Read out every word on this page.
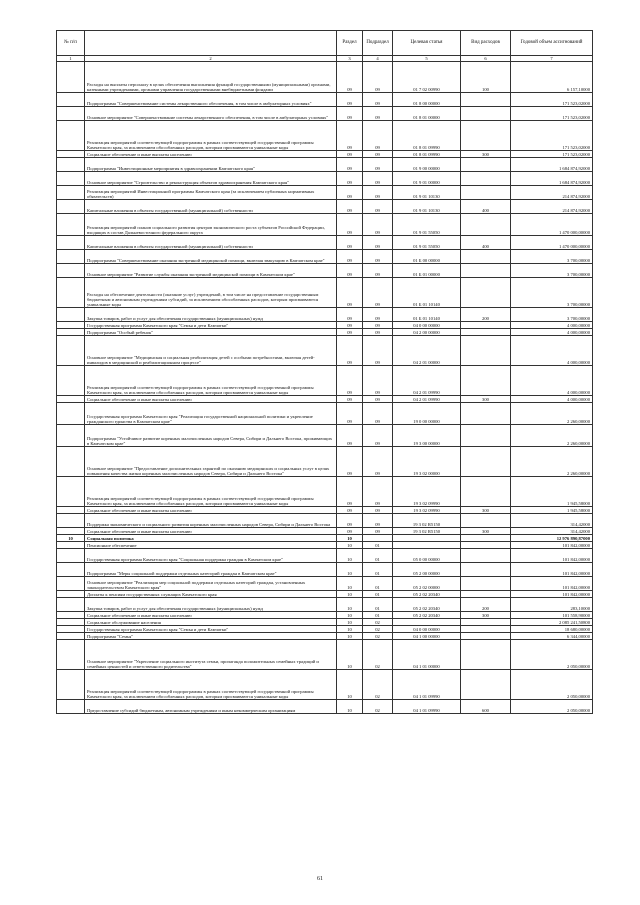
№ п/п		Раздел	Подраздел	Целевая статья	Вид расходов	Годовой объем ассигнований
1	2	3	4	5	6	7
	Расходы на выплаты персоналу в целях обеспечения выполнения функций государственными (муниципальными) органами, казенными учреждениями, органами управления государственными внебюджетными фондами	09	09	01 7 02 00990	100	6 157,10000
	Подпрограмма "Совершенствование системы лекарственного обеспечения, в том числе в амбулаторных условиях"	09	09	01 8 00 00000		171 523,02000
	Основное мероприятие "Совершенствование системы лекарственного обеспечения, в том числе в амбулаторных условиях"	09	09	01 8 01 00000		171 523,02000
	Реализация мероприятий соответствующей подпрограммы в рамках соответствующей государственной программы Камчатского края, за исключением обособленных расходов, которым присваиваются уникальные коды	09	09	01 8 01 09990		171 523,02000
	Социальное обеспечение и иные выплаты населению	09	09	01 8 01 09990	300	171 523,02000
	Подпрограмма "Инвестиционные мероприятия в здравоохранении Камчатского края"	09	09	01 9 00 00000		1 684 874,92000
	Основное мероприятие "Строительство и реконструкция объектов здравоохранения Камчатского края"	09	09	01 9 01 00000		1 684 874,92000
	Реализация мероприятий Инвестиционной программы Камчатского края (за исключением публичных нормативных обязательств)	09	09	01 9 01 10130		214 874,92000
	Капитальные вложения в объекты государственной (муниципальной) собственности	09	09	01 9 01 10130	400	214 874,92000
	Реализация мероприятий планов социального развития центров экономического роста субъектов Российской Федерации, входящих в состав Дальневосточного федерального округа	09	09	01 9 01 55050		1 470 000,00000
	Капитальные вложения в объекты государственной (муниципальной) собственности	09	09	01 9 01 55050	400	1 470 000,00000
	Подпрограмма "Совершенствование оказания экстренной медицинской помощи, включая эвакуацию в Камчатском крае"	09	09	01 Б 00 00000		3 700,00000
	Основное мероприятие "Развитие службы оказания экстренной медицинской помощи в Камчатском крае"	09	09	01 Б 01 00000		3 700,00000
	Расходы на обеспечение деятельности (оказание услуг) учреждений, в том числе на предоставление государственным бюджетным и автономным учреждениям субсидий, за исключением обособленных расходов, которым присваиваются уникальные коды	09	09	01 Б 01 10140		3 700,00000
	Закупка товаров, работ и услуг для обеспечения государственных (муниципальных) нужд	09	09	01 Б 01 10140	200	3 700,00000
	Государственная программа Камчатского края "Семья и дети Камчатки"	09	09	04 0 00 00000		4 000,00000
	Подпрограмма "Особый ребенок"	09	09	04 2 00 00000		4 000,00000
	Основное мероприятие "Медицинская и социальная реабилитация детей с особыми потребностями, включая детей-инвалидов в медицинской и реабилитационном процессе"	09	09	04 2 01 00000		4 000,00000
	Реализация мероприятий соответствующей подпрограммы в рамках соответствующей государственной программы Камчатского края, за исключением обособленных расходов, которым присваиваются уникальные коды	09	09	04 2 01 09990		4 000,00000
	Социальное обеспечение и иные выплаты населению	09	09	04 2 01 09990	300	4 000,00000
	Государственная программа Камчатского края "Реализация государственной национальной политики и укрепление гражданского единства в Камчатском крае"	09	09	19 0 00 00000		2 260,00000
	Подпрограмма "Устойчивое развитие коренных малочисленных народов Севера, Сибири и Дальнего Востока, проживающих в Камчатском крае"	09	09	19 3 00 00000		2 260,00000
	Основное мероприятие "Предоставление дополнительных гарантий по оказанию медицинских и социальных услуг в целях повышения качества жизни коренных малочисленных народов Севера, Сибири и Дальнего Востока"	09	09	19 3 02 00000		2 260,00000
	Реализация мероприятий соответствующей подпрограммы в рамках соответствующей государственной программы Камчатского края, за исключением обособленных расходов, которым присваиваются уникальные коды	09	09	19 3 02 09990		1 945,58000
	Социальное обеспечение и иные выплаты населению	09	09	19 3 02 09990	300	1 945,58000
	Поддержка экономического и социального развития коренных малочисленных народов Севера, Сибири и Дальнего Востока	09	09	19 3 02 R5150		314,42000
	Социальное обеспечение и иные выплаты населению	09	09	19 3 02 R5150	300	314,42000
10	Социальная политика	10				12 976 890,87000
	Пенсионное обеспечение	10	01			101 842,00000
	Государственная программа Камчатского края "Социальная поддержка граждан в Камчатском крае"	10	01	05 0 00 00000		101 842,00000
	Подпрограмма "Меры социальной поддержки отдельных категорий граждан в Камчатском крае"	10	01	05 2 00 00000		101 842,00000
	Основное мероприятие "Реализация мер социальной поддержки отдельных категорий граждан, установленных законодательством Камчатского края"	10	01	05 2 02 00000		101 842,00000
	Доплаты к пенсиям государственных служащих Камчатского края	10	01	05 2 02 20340		101 842,00000
	Закупка товаров, работ и услуг для обеспечения государственных (муниципальных) нужд	10	01	05 2 02 20340	200	283,10000
	Социальное обеспечение и иные выплаты населению	10	01	05 2 02 20340	300	101 558,90000
	Социальное обслуживание населения	10	02			2 085 241,50800
	Государственная программа Камчатского края "Семья и дети Камчатки"	10	02	04 0 00 00000		18 680,00000
	Подпрограмма "Семья"	10	02	04 1 00 00000		6 344,00000
	Основное мероприятие "Укрепление социального института семьи, пропаганда положительных семейных традиций и семейных ценностей и ответственного родительства"	10	02	04 1 01 00000		2 050,00000
	Реализация мероприятий соответствующей подпрограммы в рамках соответствующей государственной программы Камчатского края, за исключением обособленных расходов, которым присваиваются уникальные коды	10	02	04 1 01 09990		2 050,00000
	Предоставление субсидий бюджетным, автономным учреждениям и иным некоммерческим организациям	10	02	04 1 01 09990	600	2 050,00000
61
